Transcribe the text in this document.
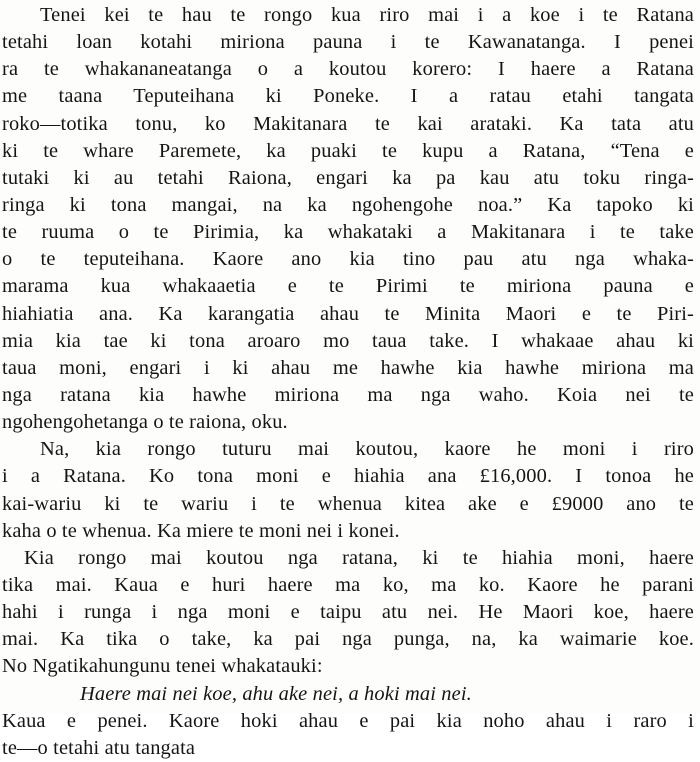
Tenei kei te hau te rongo kua riro mai i a koe i te Ratana
tetahi loan kotahi miriona pauna i te Kawanatanga. I penei
ra te whakananeatanga o a koutou korero: I haere a Ratana
me taana Teputeihana ki Poneke. I a ratau etahi tangata
roko—totika tonu, ko Makitanara te kai arataki. Ka tata atu
ki te whare Paremete, ka puaki te kupu a Ratana, “Tena e
tutaki ki au tetahi Raiona, engari ka pa kau atu toku ringa-
ringa ki tona mangai, na ka ngohengohe noa.” Ka tapoko ki
te ruuma o te Pirimia, ka whakataki a Makitanara i te take
o te teputeihana. Kaore ano kia tino pau atu nga whaka-
marama kua whakaaetia e te Pirimi te miriona pauna e
hiahiatia ana. Ka karangatia ahau te Minita Maori e te Piri-
mia kia tae ki tona aroaro mo taua take. I whakaae ahau ki
taua moni, engari i ki ahau me hawhe kia hawhe miriona ma
nga ratana kia hawhe miriona ma nga waho. Koia nei te
ngohengohetanga o te raiona, oku.
Na, kia rongo tuturu mai koutou, kaore he moni i riro
i a Ratana. Ko tona moni e hiahia ana £16,000. I tonoa he
kai-wariu ki te wariu i te whenua kitea ake e £9000 ano te
kaha o te whenua. Ka miere te moni nei i konei.
Kia rongo mai koutou nga ratana, ki te hiahia moni, haere
tika mai. Kaua e huri haere ma ko, ma ko. Kaore he parani
hahi i runga i nga moni e taipu atu nei. He Maori koe, haere
mai. Ka tika o take, ka pai nga punga, na, ka waimarie koe.
No Ngatikahungunu tenei whakatauki:
Haere mai nei koe, ahu ake nei, a hoki mai nei.
Kaua e penei. Kaore hoki ahau e pai kia noho ahau i raro i
te—o tetahi atu tangata
